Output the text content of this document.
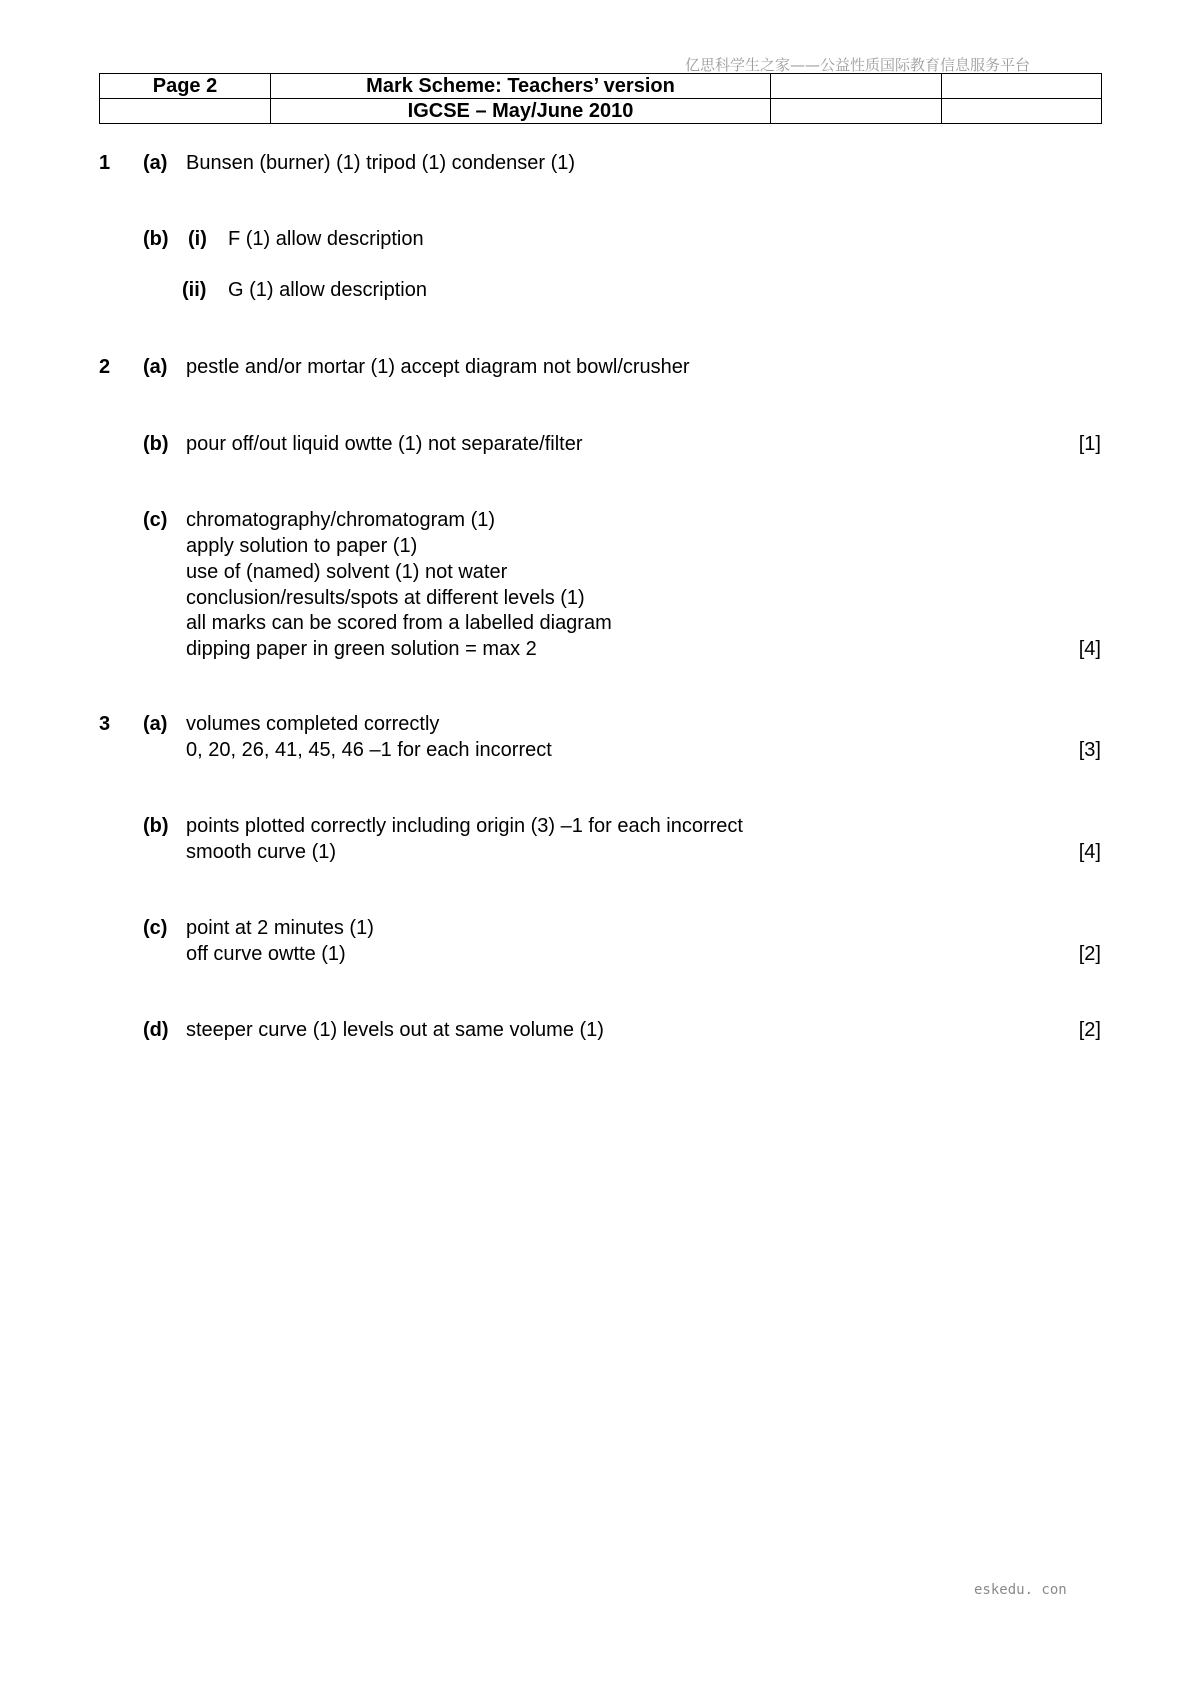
亿思科学生之家——公益性质国际教育信息服务平台
Page 2	Mark Scheme: Teachers’ version		
	IGCSE – May/June 2010		
1 (a) Bunsen (burner) (1) tripod (1) condenser (1)
(b) (i) F (1) allow description
(ii) G (1) allow description
2 (a) pestle and/or mortar (1) accept diagram not bowl/crusher
(b) pour off/out liquid owtte (1) not separate/filter	[1]
(c) chromatography/chromatogram (1)
apply solution to paper (1)
use of (named) solvent (1) not water
conclusion/results/spots at different levels (1)
all marks can be scored from a labelled diagram
dipping paper in green solution = max 2	[4]
3 (a) volumes completed correctly
0, 20, 26, 41, 45, 46 –1 for each incorrect	[3]
(b) points plotted correctly including origin (3) –1 for each incorrect
smooth curve (1)	[4]
(c) point at 2 minutes (1)
off curve owtte (1)	[2]
(d) steeper curve (1) levels out at same volume (1)	[2]
eskedu. con
